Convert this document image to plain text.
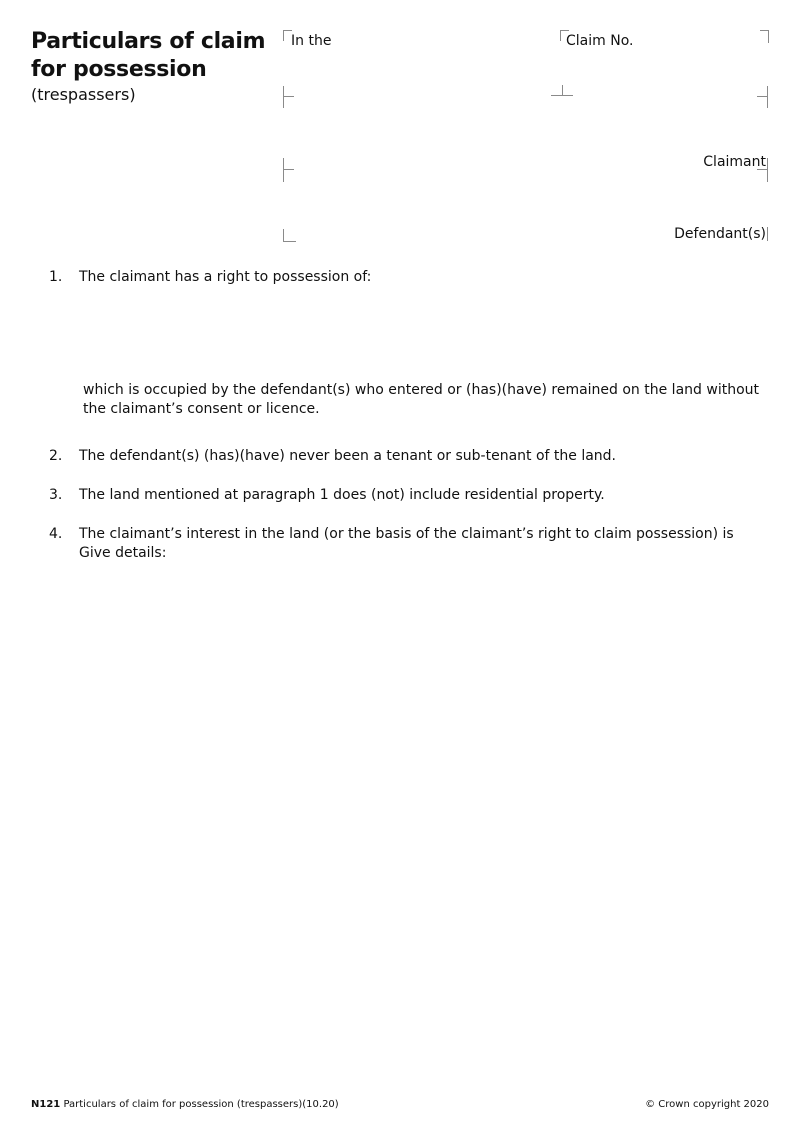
Particulars of claim
for possession
(trespassers)
In the	Claim No.
Claimant
Defendant(s)
1. The claimant has a right to possession of:
which is occupied by the defendant(s) who entered or (has)(have) remained on the land without
the claimant’s consent or licence.
2. The defendant(s) (has)(have) never been a tenant or sub-tenant of the land.
3. The land mentioned at paragraph 1 does (not) include residential property.
4. The claimant’s interest in the land (or the basis of the claimant’s right to claim possession) is
Give details:
N121 Particulars of claim for possession (trespassers)(10.20)	© Crown copyright 2020
